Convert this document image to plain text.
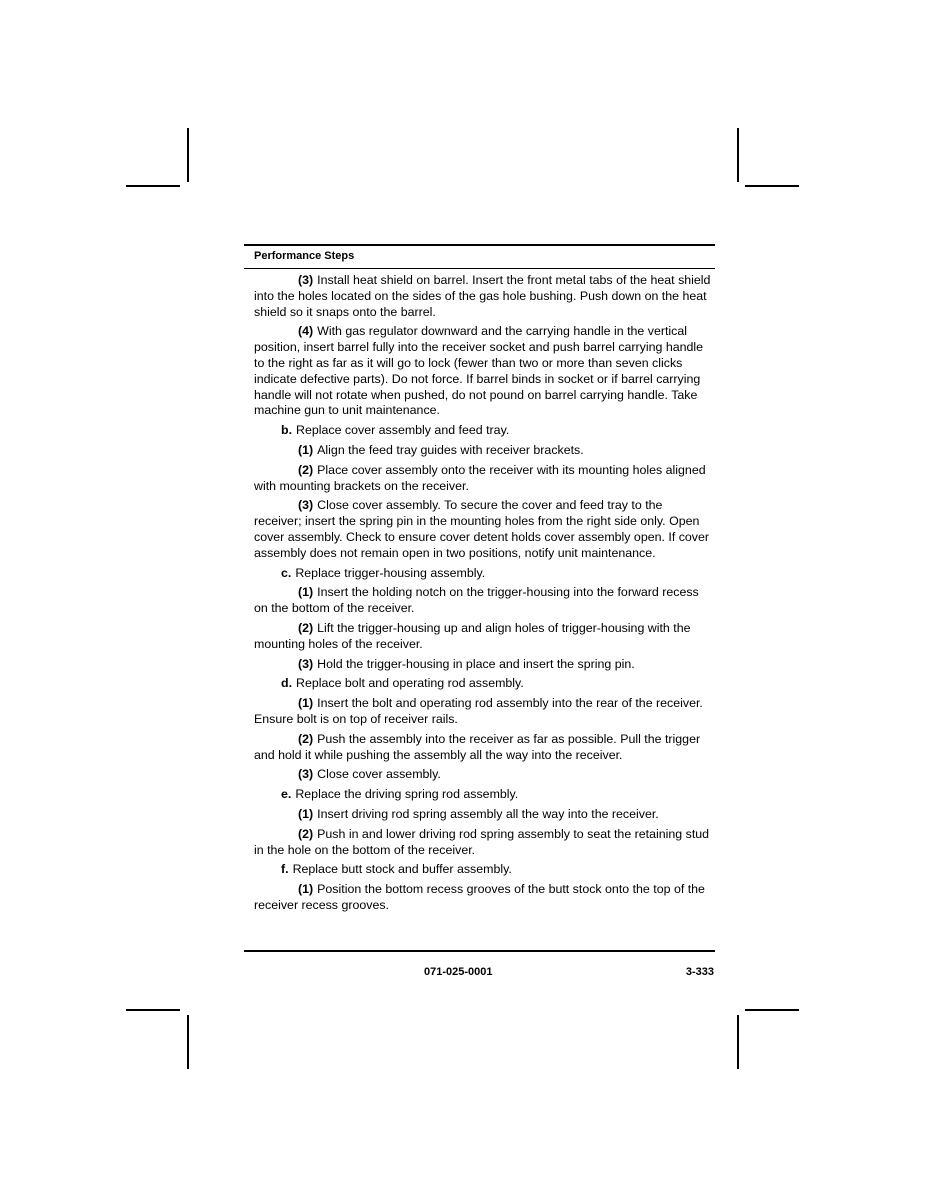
Performance Steps

(3) Install heat shield on barrel. Insert the front metal tabs of the heat shield into the holes located on the sides of the gas hole bushing. Push down on the heat shield so it snaps onto the barrel.

(4) With gas regulator downward and the carrying handle in the vertical position, insert barrel fully into the receiver socket and push barrel carrying handle to the right as far as it will go to lock (fewer than two or more than seven clicks indicate defective parts). Do not force. If barrel binds in socket or if barrel carrying handle will not rotate when pushed, do not pound on barrel carrying handle. Take machine gun to unit maintenance.

b. Replace cover assembly and feed tray.

(1) Align the feed tray guides with receiver brackets.

(2) Place cover assembly onto the receiver with its mounting holes aligned with mounting brackets on the receiver.

(3) Close cover assembly. To secure the cover and feed tray to the receiver; insert the spring pin in the mounting holes from the right side only. Open cover assembly. Check to ensure cover detent holds cover assembly open. If cover assembly does not remain open in two positions, notify unit maintenance.

c. Replace trigger-housing assembly.

(1) Insert the holding notch on the trigger-housing into the forward recess on the bottom of the receiver.

(2) Lift the trigger-housing up and align holes of trigger-housing with the mounting holes of the receiver.

(3) Hold the trigger-housing in place and insert the spring pin.

d. Replace bolt and operating rod assembly.

(1) Insert the bolt and operating rod assembly into the rear of the receiver. Ensure bolt is on top of receiver rails.

(2) Push the assembly into the receiver as far as possible. Pull the trigger and hold it while pushing the assembly all the way into the receiver.

(3) Close cover assembly.

e. Replace the driving spring rod assembly.

(1) Insert driving rod spring assembly all the way into the receiver.

(2) Push in and lower driving rod spring assembly to seat the retaining stud in the hole on the bottom of the receiver.

f. Replace butt stock and buffer assembly.

(1) Position the bottom recess grooves of the butt stock onto the top of the receiver recess grooves.

071-025-0001	3-333
